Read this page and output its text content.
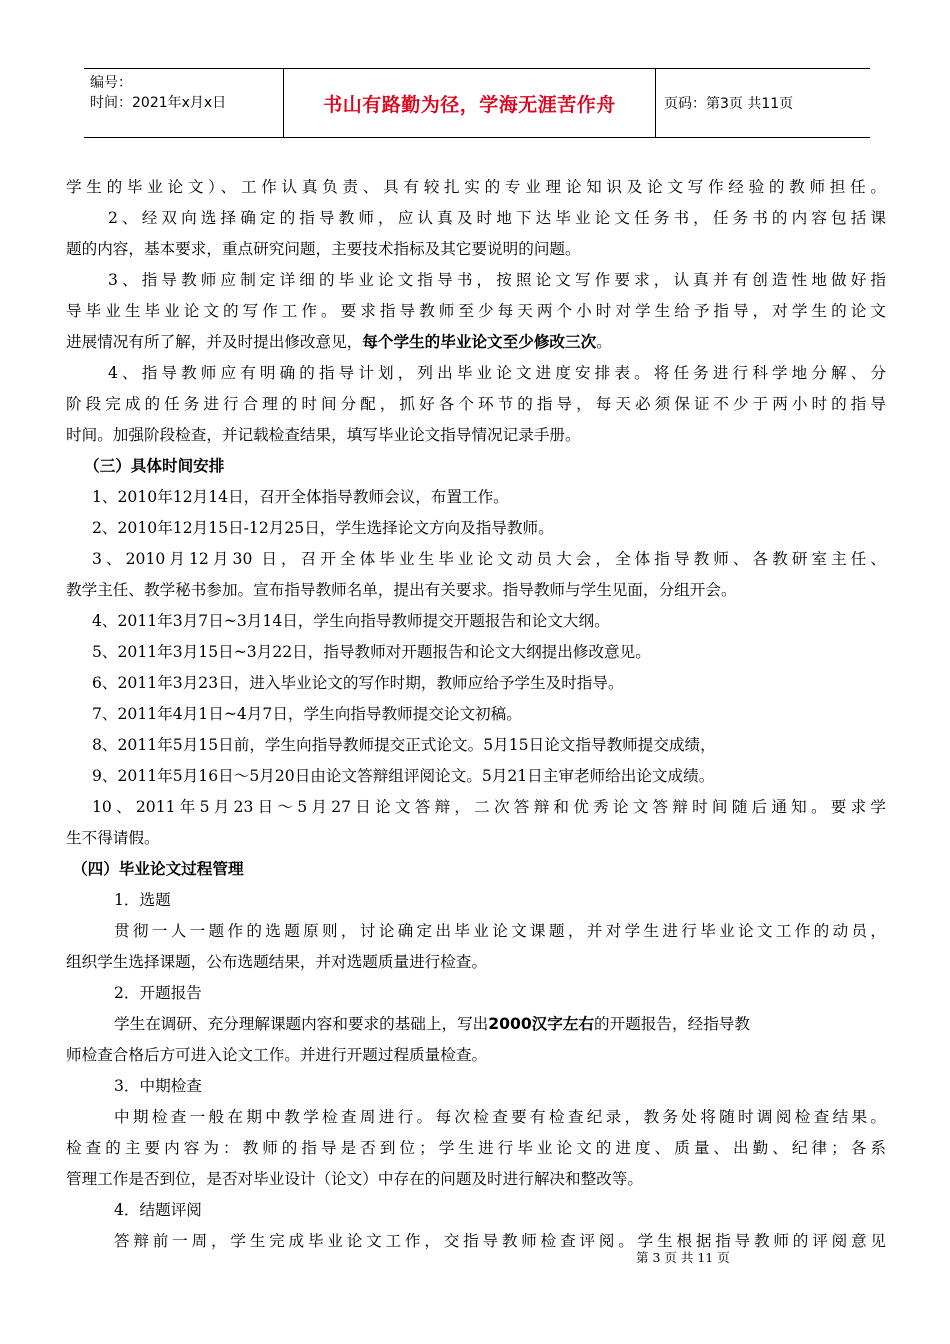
编号：
时间：2021年x月x日	书山有路勤为径，学海无涯苦作舟	页码：第3页 共11页
学生的毕业论文）、工作认真负责、具有较扎实的专业理论知识及论文写作经验的教师担任。
2、经双向选择确定的指导教师，应认真及时地下达毕业论文任务书，任务书的内容包括课
题的内容，基本要求，重点研究问题，主要技术指标及其它要说明的问题。
3、指导教师应制定详细的毕业论文指导书，按照论文写作要求，认真并有创造性地做好指
导毕业生毕业论文的写作工作。要求指导教师至少每天两个小时对学生给予指导，对学生的论文
进展情况有所了解，并及时提出修改意见，每个学生的毕业论文至少修改三次。
4、指导教师应有明确的指导计划，列出毕业论文进度安排表。将任务进行科学地分解、分
阶段完成的任务进行合理的时间分配，抓好各个环节的指导，每天必须保证不少于两小时的指导
时间。加强阶段检查，并记载检查结果，填写毕业论文指导情况记录手册。
（三）具体时间安排
1、2010年12月14日，召开全体指导教师会议，布置工作。
2、2010年12月15日-12月25日，学生选择论文方向及指导教师。
3、2010月12月30 日，召开全体毕业生毕业论文动员大会，全体指导教师、各教研室主任、
教学主任、教学秘书参加。宣布指导教师名单，提出有关要求。指导教师与学生见面，分组开会。
4、2011年3月7日~3月14日，学生向指导教师提交开题报告和论文大纲。
5、2011年3月15日~3月22日，指导教师对开题报告和论文大纲提出修改意见。
6、2011年3月23日，进入毕业论文的写作时期，教师应给予学生及时指导。
7、2011年4月1日~4月7日，学生向指导教师提交论文初稿。
8、2011年5月15日前，学生向指导教师提交正式论文。5月15日论文指导教师提交成绩，
9、2011年5月16日～5月20日由论文答辩组评阅论文。5月21日主审老师给出论文成绩。
10、2011年5月23日～5月27日论文答辩，二次答辩和优秀论文答辩时间随后通知。要求学
生不得请假。
（四）毕业论文过程管理
1．选题
贯彻一人一题作的选题原则，讨论确定出毕业论文课题，并对学生进行毕业论文工作的动员，
组织学生选择课题，公布选题结果，并对选题质量进行检查。
2．开题报告
学生在调研、充分理解课题内容和要求的基础上，写出2000汉字左右的开题报告，经指导教
师检查合格后方可进入论文工作。并进行开题过程质量检查。
3．中期检查
中期检查一般在期中教学检查周进行。每次检查要有检查纪录，教务处将随时调阅检查结果。
检查的主要内容为：教师的指导是否到位；学生进行毕业论文的进度、质量、出勤、纪律；各系
管理工作是否到位，是否对毕业设计（论文）中存在的问题及时进行解决和整改等。
4．结题评阅
答辩前一周，学生完成毕业论文工作，交指导教师检查评阅。学生根据指导教师的评阅意见
第 3 页 共 11 页
